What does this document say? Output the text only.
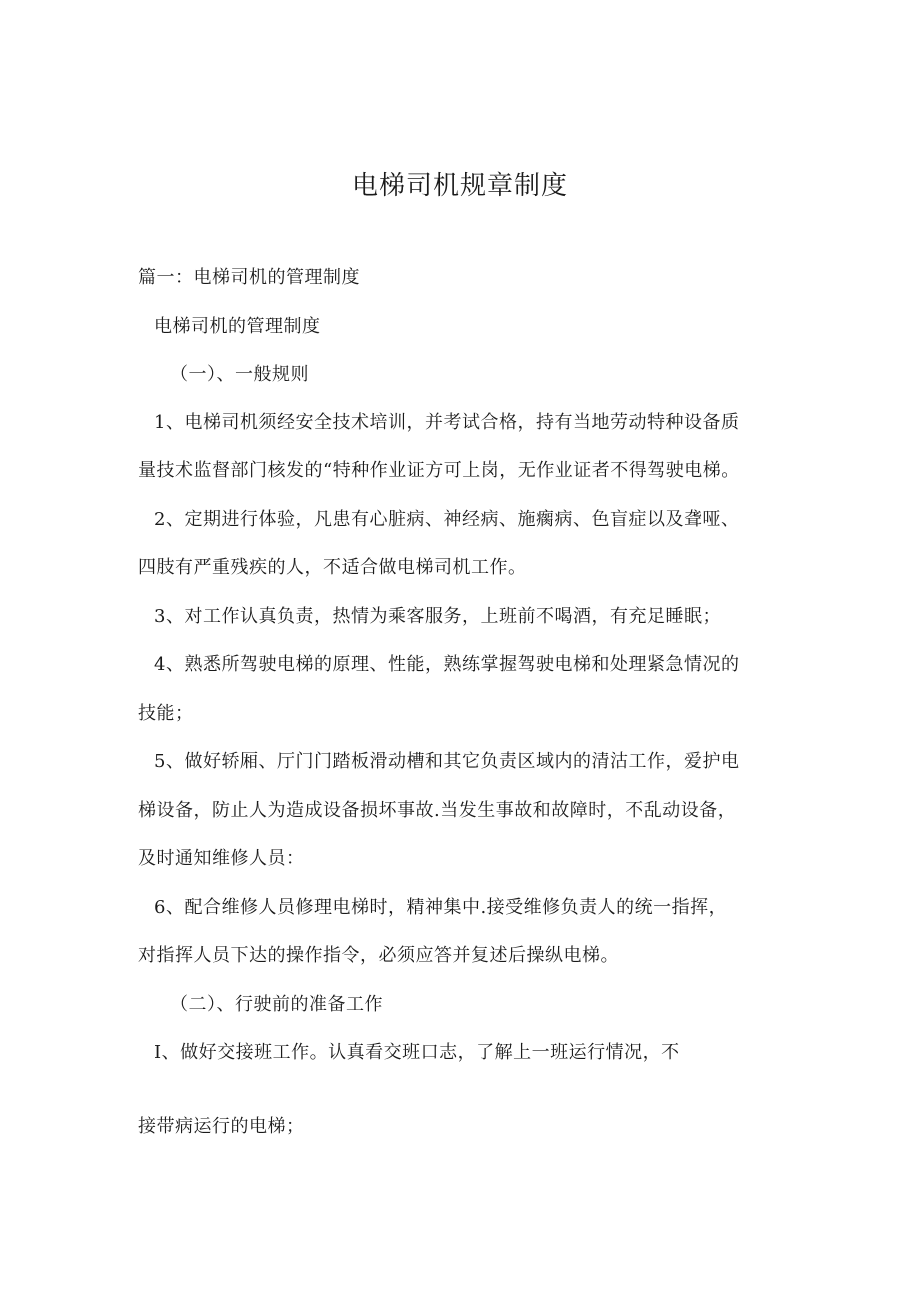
电梯司机规章制度

篇一：电梯司机的管理制度

电梯司机的管理制度

（一）、一般规则

1、电梯司机须经安全技术培训，并考试合格，持有当地劳动特种设备质

量技术监督部门核发的“特种作业证方可上岗，无作业证者不得驾驶电梯。

2、定期进行体验，凡患有心脏病、神经病、施瘸病、色盲症以及聋哑、

四肢有严重残疾的人，不适合做电梯司机工作。

3、对工作认真负责，热情为乘客服务，上班前不喝酒，有充足睡眠；

4、熟悉所驾驶电梯的原理、性能，熟练掌握驾驶电梯和处理紧急情况的

技能；

5、做好轿厢、厅门门踏板滑动槽和其它负责区域内的清沽工作，爱护电

梯设备，防止人为造成设备损坏事故.当发生事故和故障时，不乱动设备，

及时通知维修人员：

6、配合维修人员修理电梯时，精神集中.接受维修负责人的统一指挥，

对指挥人员下达的操作指令，必须应答并复述后操纵电梯。

（二）、行驶前的准备工作

I、做好交接班工作。认真看交班口志，了解上一班运行情况，不

接带病运行的电梯；
